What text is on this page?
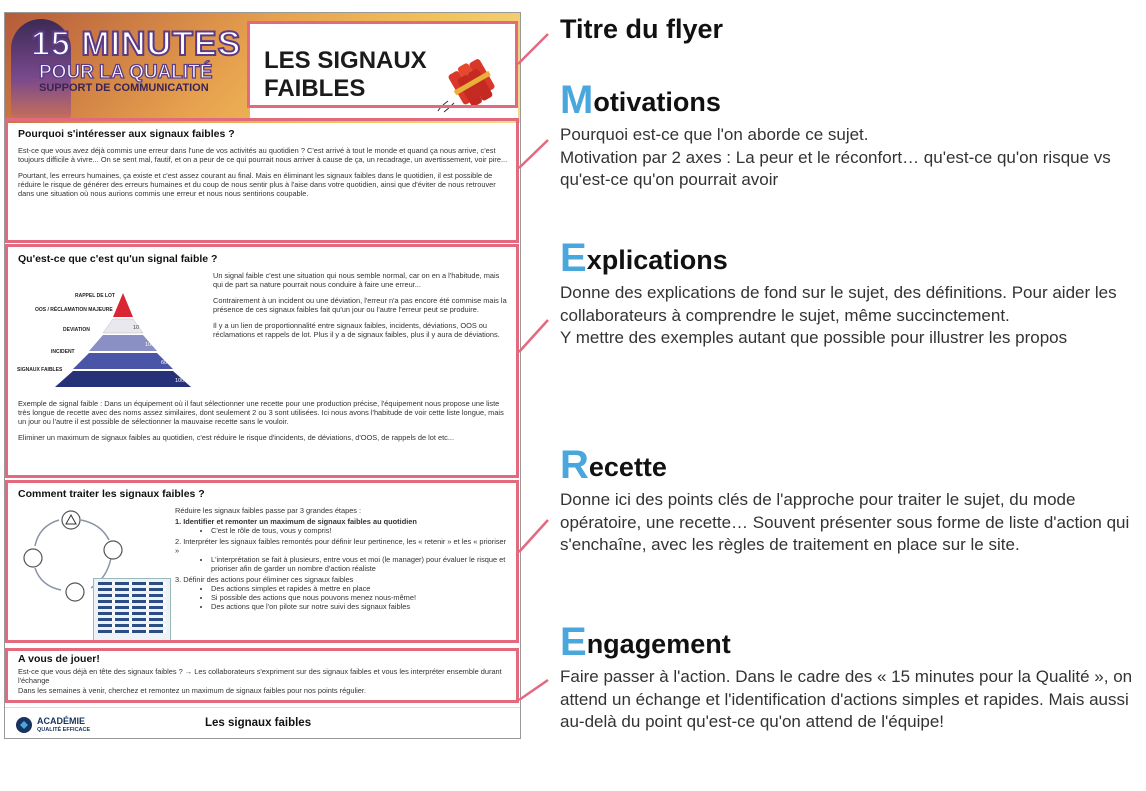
15 MINUTES
POUR LA QUALITÉ
SUPPORT DE COMMUNICATION
LES SIGNAUX
FAIBLES
Pourquoi s'intéresser aux signaux faibles ?

Est-ce que vous avez déjà commis une erreur dans l'une de vos activités au quotidien ? C'est arrivé à tout le monde et quand ça nous arrive, c'est toujours difficile à vivre... On se sent mal, fautif, et on a peur de ce qui pourrait nous arriver à cause de ça, un recadrage, un avertissement, voir pire...

Pourtant, les erreurs humaines, ça existe et c'est assez courant au final. Mais en éliminant les signaux faibles dans le quotidien, il est possible de réduire le risque de générer des erreurs humaines et du coup de nous sentir plus à l'aise dans votre quotidien, ainsi que d'éviter de nous retrouver dans une situation où nous aurions commis une erreur et nous nous sentirions coupable.

Qu'est-ce que c'est qu'un signal faible ?
RAPPEL DE LOT
OOS / RÉCLAMATION MAJEURE
DEVIATION
INCIDENT
SIGNAUX FAIBLES
10
100
600
1000

Un signal faible c'est une situation qui nous semble normal, car on en a l'habitude, mais qui de part sa nature pourrait nous conduire à faire une erreur...

Contrairement à un incident ou une déviation, l'erreur n'a pas encore été commise mais la présence de ces signaux faibles fait qu'un jour ou l'autre l'erreur peut se produire.

Il y a un lien de proportionnalité entre signaux faibles, incidents, déviations, OOS ou réclamations et rappels de lot. Plus il y a de signaux faibles, plus il y aura de déviations.

Exemple de signal faible : Dans un équipement où il faut sélectionner une recette pour une production précise, l'équipement nous propose une liste très longue de recette avec des noms assez similaires, dont seulement 2 ou 3 sont utilisées. Ici nous avons l'habitude de voir cette liste longue, mais un jour ou l'autre il est possible de sélectionner la mauvaise recette sans le vouloir.

Eliminer un maximum de signaux faibles au quotidien, c'est réduire le risque d'incidents, de déviations, d'OOS, de rappels de lot etc...

Comment traiter les signaux faibles ?

Réduire les signaux faibles passe par 3 grandes étapes :

1. Identifier et remonter un maximum de signaux faibles au quotidien
• C'est le rôle de tous, vous y compris!
2. Interpréter les signaux faibles remontés pour définir leur pertinence, les « retenir » et les « prioriser »
• L'interprétation se fait à plusieurs, entre vous et moi (le manager) pour évaluer le risque et prioriser afin de garder un nombre d'action réaliste
3. Définir des actions pour éliminer ces signaux faibles
• Des actions simples et rapides à mettre en place
• Si possible des actions que nous pouvons menez nous-même!
• Des actions que l'on pilote sur notre suivi des signaux faibles
A vous de jouer!

Est-ce que vous déjà en tête des signaux faibles ? → Les collaborateurs s'expriment sur des signaux faibles et vous les interpréter ensemble durant l'échange

Dans les semaines à venir, cherchez et remontez un maximum de signaux faibles pour nos points régulier.

ACADÉMIE
QUALITÉ EFFICACE
Les signaux faibles
Titre du flyer
Motivations
Pourquoi est-ce que l'on aborde ce sujet.
Motivation par 2 axes : La peur et le réconfort… qu'est-ce qu'on risque vs qu'est-ce qu'on pourrait avoir
Explications
Donne des explications de fond sur le sujet, des définitions. Pour aider les collaborateurs à comprendre le sujet, même succinctement.
Y mettre des exemples autant que possible pour illustrer les propos
Recette
Donne ici des points clés de l'approche pour traiter le sujet, du mode opératoire, une recette… Souvent présenter sous forme de liste d'action qui s'enchaîne, avec les règles de traitement en place sur le site.
Engagement
Faire passer à l'action. Dans le cadre des « 15 minutes pour la Qualité », on attend un échange et l'identification d'actions simples et rapides. Mais aussi au-delà du point qu'est-ce qu'on attend de l'équipe!
